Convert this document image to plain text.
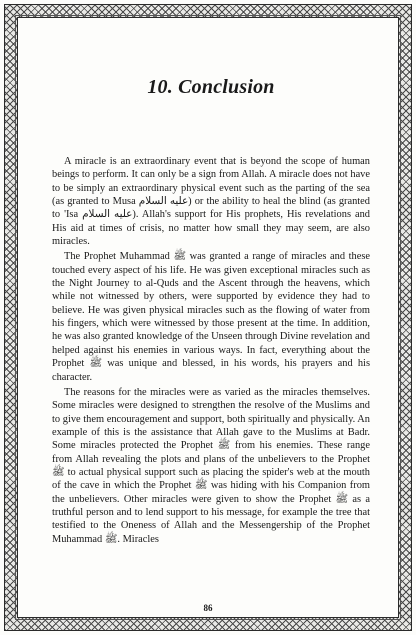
10. Conclusion

A miracle is an extraordinary event that is beyond the scope of human beings to perform. It can only be a sign from Allah. A miracle does not have to be simply an extraordinary physical event such as the parting of the sea (as granted to Musa عليه السلام) or the ability to heal the blind (as granted to 'Isa عليه السلام). Allah's support for His prophets, His revelations and His aid at times of crisis, no matter how small they may seem, are also miracles.

The Prophet Muhammad ﷺ was granted a range of miracles and these touched every aspect of his life. He was given exceptional miracles such as the Night Journey to al-Quds and the Ascent through the heavens, which while not witnessed by others, were supported by evidence they had to believe. He was given physical miracles such as the flowing of water from his fingers, which were witnessed by those present at the time. In addition, he was also granted knowledge of the Unseen through Divine revelation and helped against his enemies in various ways. In fact, everything about the Prophet ﷺ was unique and blessed, in his words, his prayers and his character.

The reasons for the miracles were as varied as the miracles themselves. Some miracles were designed to strengthen the resolve of the Muslims and to give them encouragement and support, both spiritually and physically. An example of this is the assistance that Allah gave to the Muslims at Badr. Some miracles protected the Prophet ﷺ from his enemies. These range from Allah revealing the plots and plans of the unbelievers to the Prophet ﷺ to actual physical support such as placing the spider's web at the mouth of the cave in which the Prophet ﷺ was hiding with his Companion from the unbelievers. Other miracles were given to show the Prophet ﷺ as a truthful person and to lend support to his message, for example the tree that testified to the Oneness of Allah and the Messengership of the Prophet Muhammad ﷺ. Miracles

86
